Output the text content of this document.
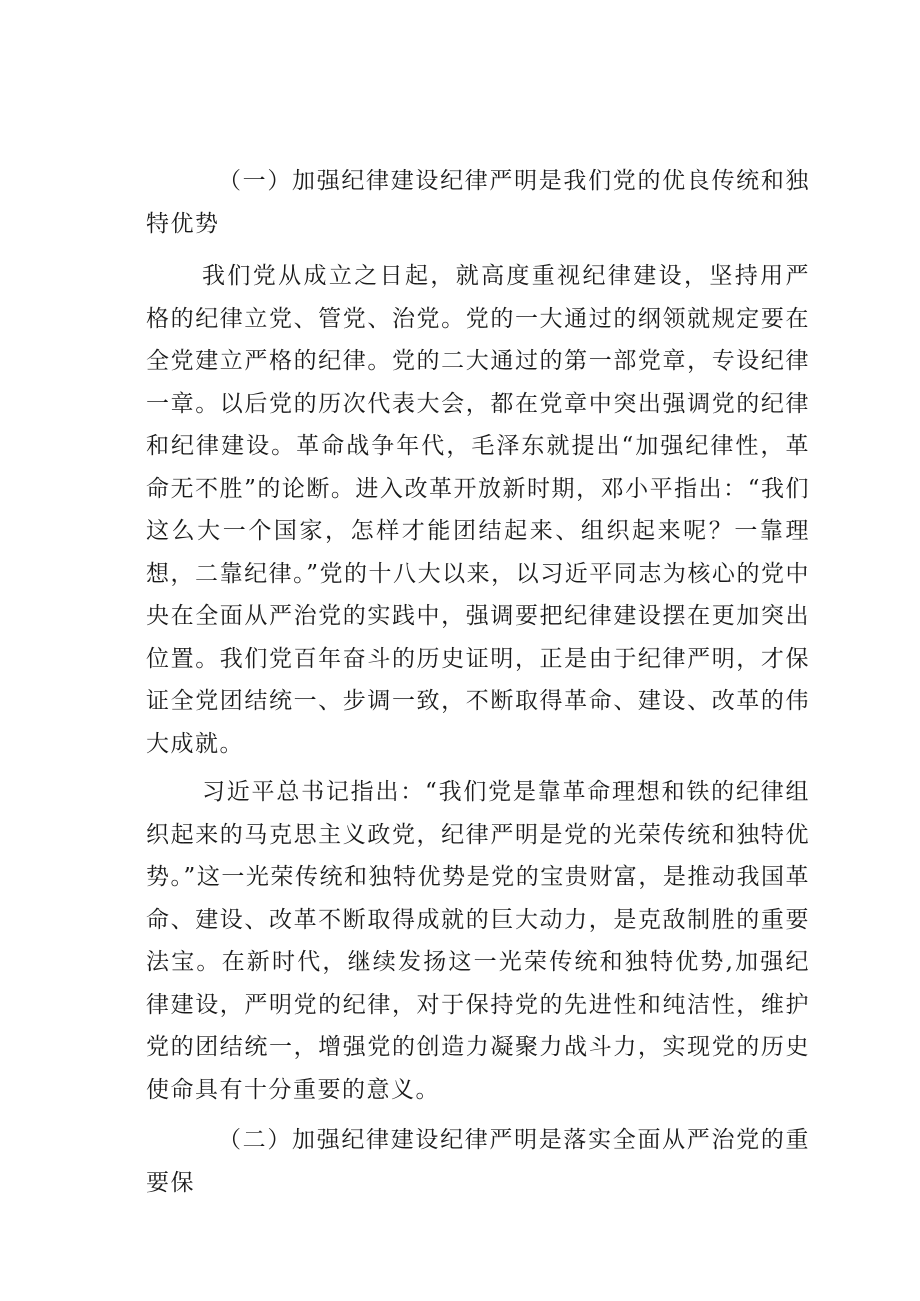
（一）加强纪律建设纪律严明是我们党的优良传统和独特优势

我们党从成立之日起，就高度重视纪律建设，坚持用严格的纪律立党、管党、治党。党的一大通过的纲领就规定要在全党建立严格的纪律。党的二大通过的第一部党章，专设纪律一章。以后党的历次代表大会，都在党章中突出强调党的纪律和纪律建设。革命战争年代，毛泽东就提出“加强纪律性，革命无不胜”的论断。进入改革开放新时期，邓小平指出：“我们这么大一个国家，怎样才能团结起来、组织起来呢？一靠理想，二靠纪律。”党的十八大以来，以习近平同志为核心的党中央在全面从严治党的实践中，强调要把纪律建设摆在更加突出位置。我们党百年奋斗的历史证明，正是由于纪律严明，才保证全党团结统一、步调一致，不断取得革命、建设、改革的伟大成就。

习近平总书记指出：“我们党是靠革命理想和铁的纪律组织起来的马克思主义政党，纪律严明是党的光荣传统和独特优势。”这一光荣传统和独特优势是党的宝贵财富，是推动我国革命、建设、改革不断取得成就的巨大动力，是克敌制胜的重要法宝。在新时代，继续发扬这一光荣传统和独特优势,加强纪律建设，严明党的纪律，对于保持党的先进性和纯洁性，维护党的团结统一，增强党的创造力凝聚力战斗力，实现党的历史使命具有十分重要的意义。

（二）加强纪律建设纪律严明是落实全面从严治党的重要保
